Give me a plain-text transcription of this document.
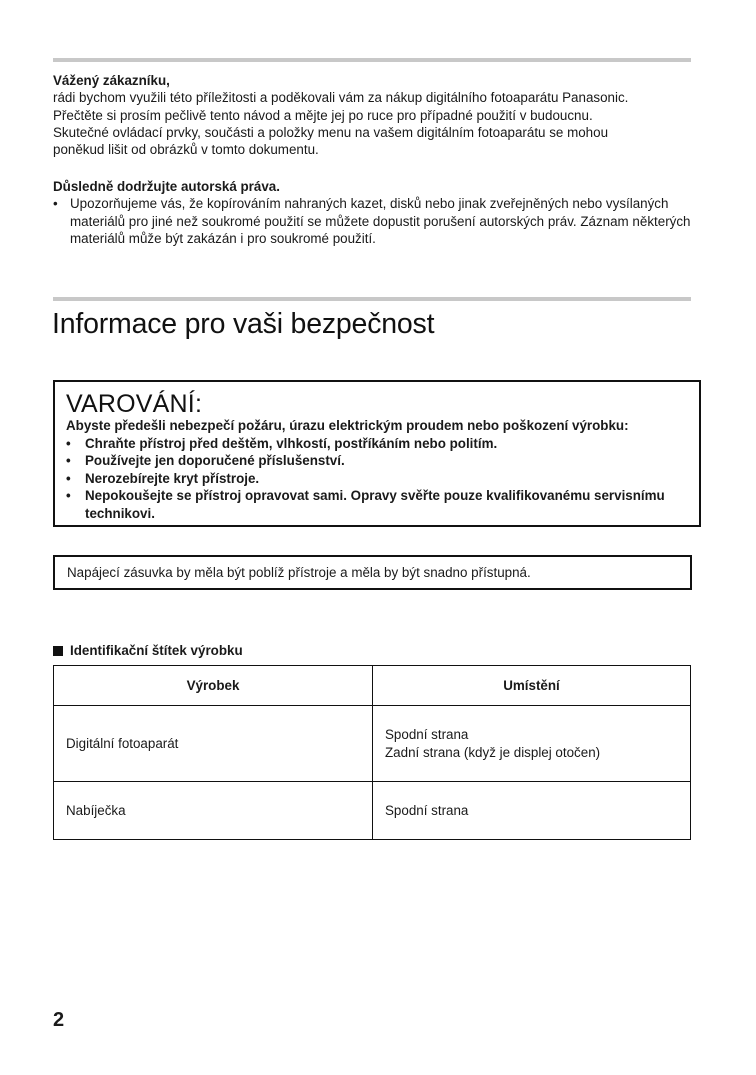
Vážený zákazníku,
rádi bychom využili této příležitosti a poděkovali vám za nákup digitálního fotoaparátu Panasonic.
Přečtěte si prosím pečlivě tento návod a mějte jej po ruce pro případné použití v budoucnu.
Skutečné ovládací prvky, součásti a položky menu na vašem digitálním fotoaparátu se mohou
poněkud lišit od obrázků v tomto dokumentu.
Důsledně dodržujte autorská práva.
• Upozorňujeme vás, že kopírováním nahraných kazet, disků nebo jinak zveřejněných nebo vysílaných materiálů pro jiné než soukromé použití se můžete dopustit porušení autorských práv. Záznam některých materiálů může být zakázán i pro soukromé použití.
Informace pro vaši bezpečnost
VAROVÁNÍ:
Abyste předešli nebezpečí požáru, úrazu elektrickým proudem nebo poškození výrobku:
•	Chraňte přístroj před deštěm, vlhkostí, postříkáním nebo politím.
•	Používejte jen doporučené příslušenství.
•	Nerozebírejte kryt přístroje.
•	Nepokoušejte se přístroj opravovat sami. Opravy svěřte pouze kvalifikovanému servisnímu technikovi.
Napájecí zásuvka by měla být poblíž přístroje a měla by být snadno přístupná.
Identifikační štítek výrobku
Výrobek	Umístění
Digitální fotoaparát	Spodní strana
Zadní strana (když je displej otočen)

Nabíječka	Spodní strana
2
